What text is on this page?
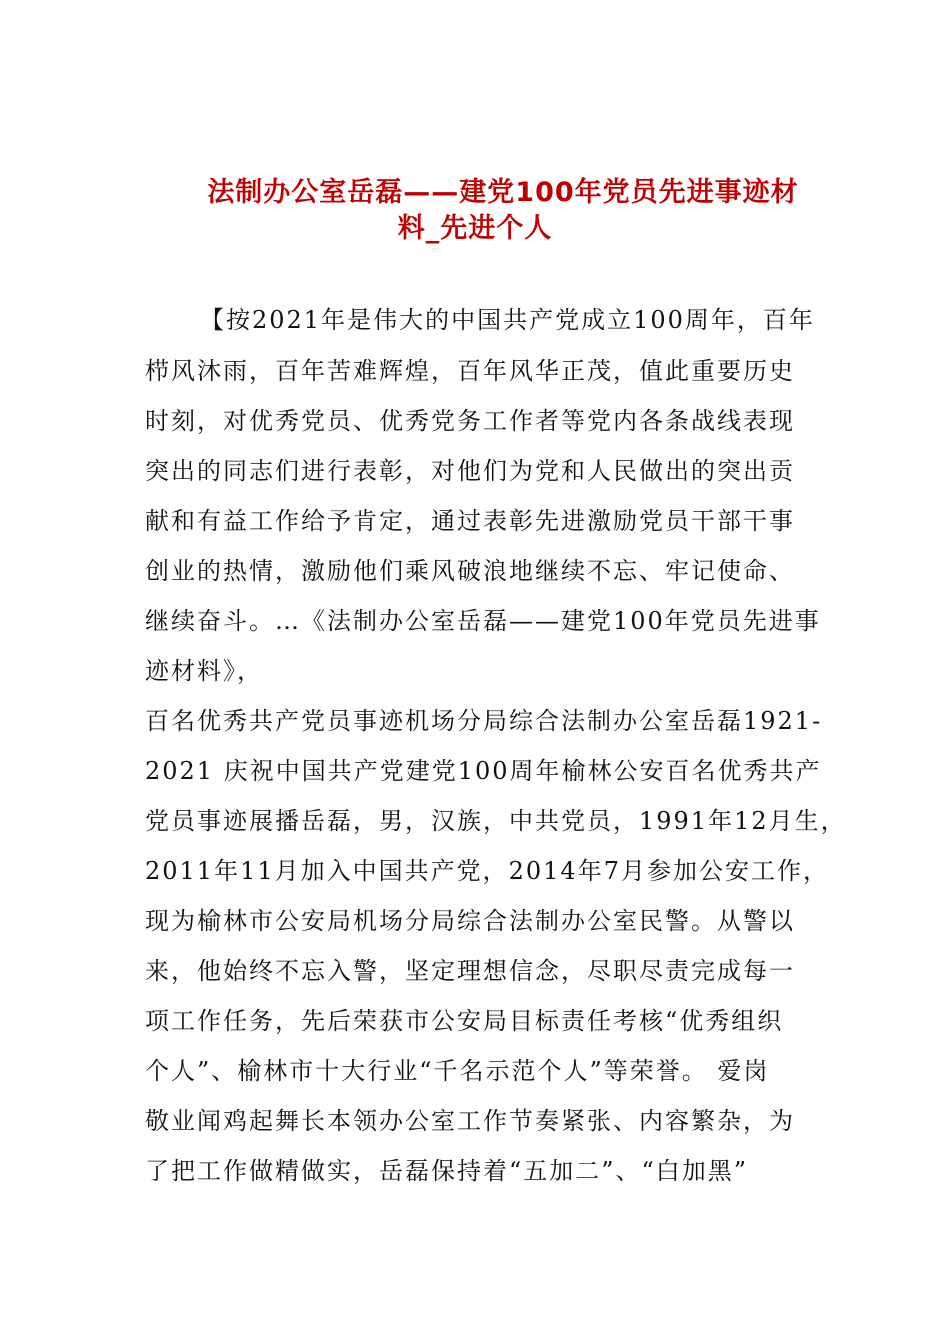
法制办公室岳磊——建党100年党员先进事迹材
料_先进个人
【按2021年是伟大的中国共产党成立100周年，百年
栉风沐雨，百年苦难辉煌，百年风华正茂，值此重要历史
时刻，对优秀党员、优秀党务工作者等党内各条战线表现
突出的同志们进行表彰，对他们为党和人民做出的突出贡
献和有益工作给予肯定，通过表彰先进激励党员干部干事
创业的热情，激励他们乘风破浪地继续不忘、牢记使命、
继续奋斗。…《法制办公室岳磊——建党100年党员先进事
迹材料》，
百名优秀共产党员事迹机场分局综合法制办公室岳磊1921-
2021 庆祝中国共产党建党100周年榆林公安百名优秀共产
党员事迹展播岳磊，男，汉族，中共党员，1991年12月生，
2011年11月加入中国共产党，2014年7月参加公安工作，
现为榆林市公安局机场分局综合法制办公室民警。从警以
来，他始终不忘入警，坚定理想信念，尽职尽责完成每一
项工作任务，先后荣获市公安局目标责任考核“优秀组织
个人”、榆林市十大行业“千名示范个人”等荣誉。 爱岗
敬业闻鸡起舞长本领办公室工作节奏紧张、内容繁杂，为
了把工作做精做实，岳磊保持着“五加二”、“白加黑”
